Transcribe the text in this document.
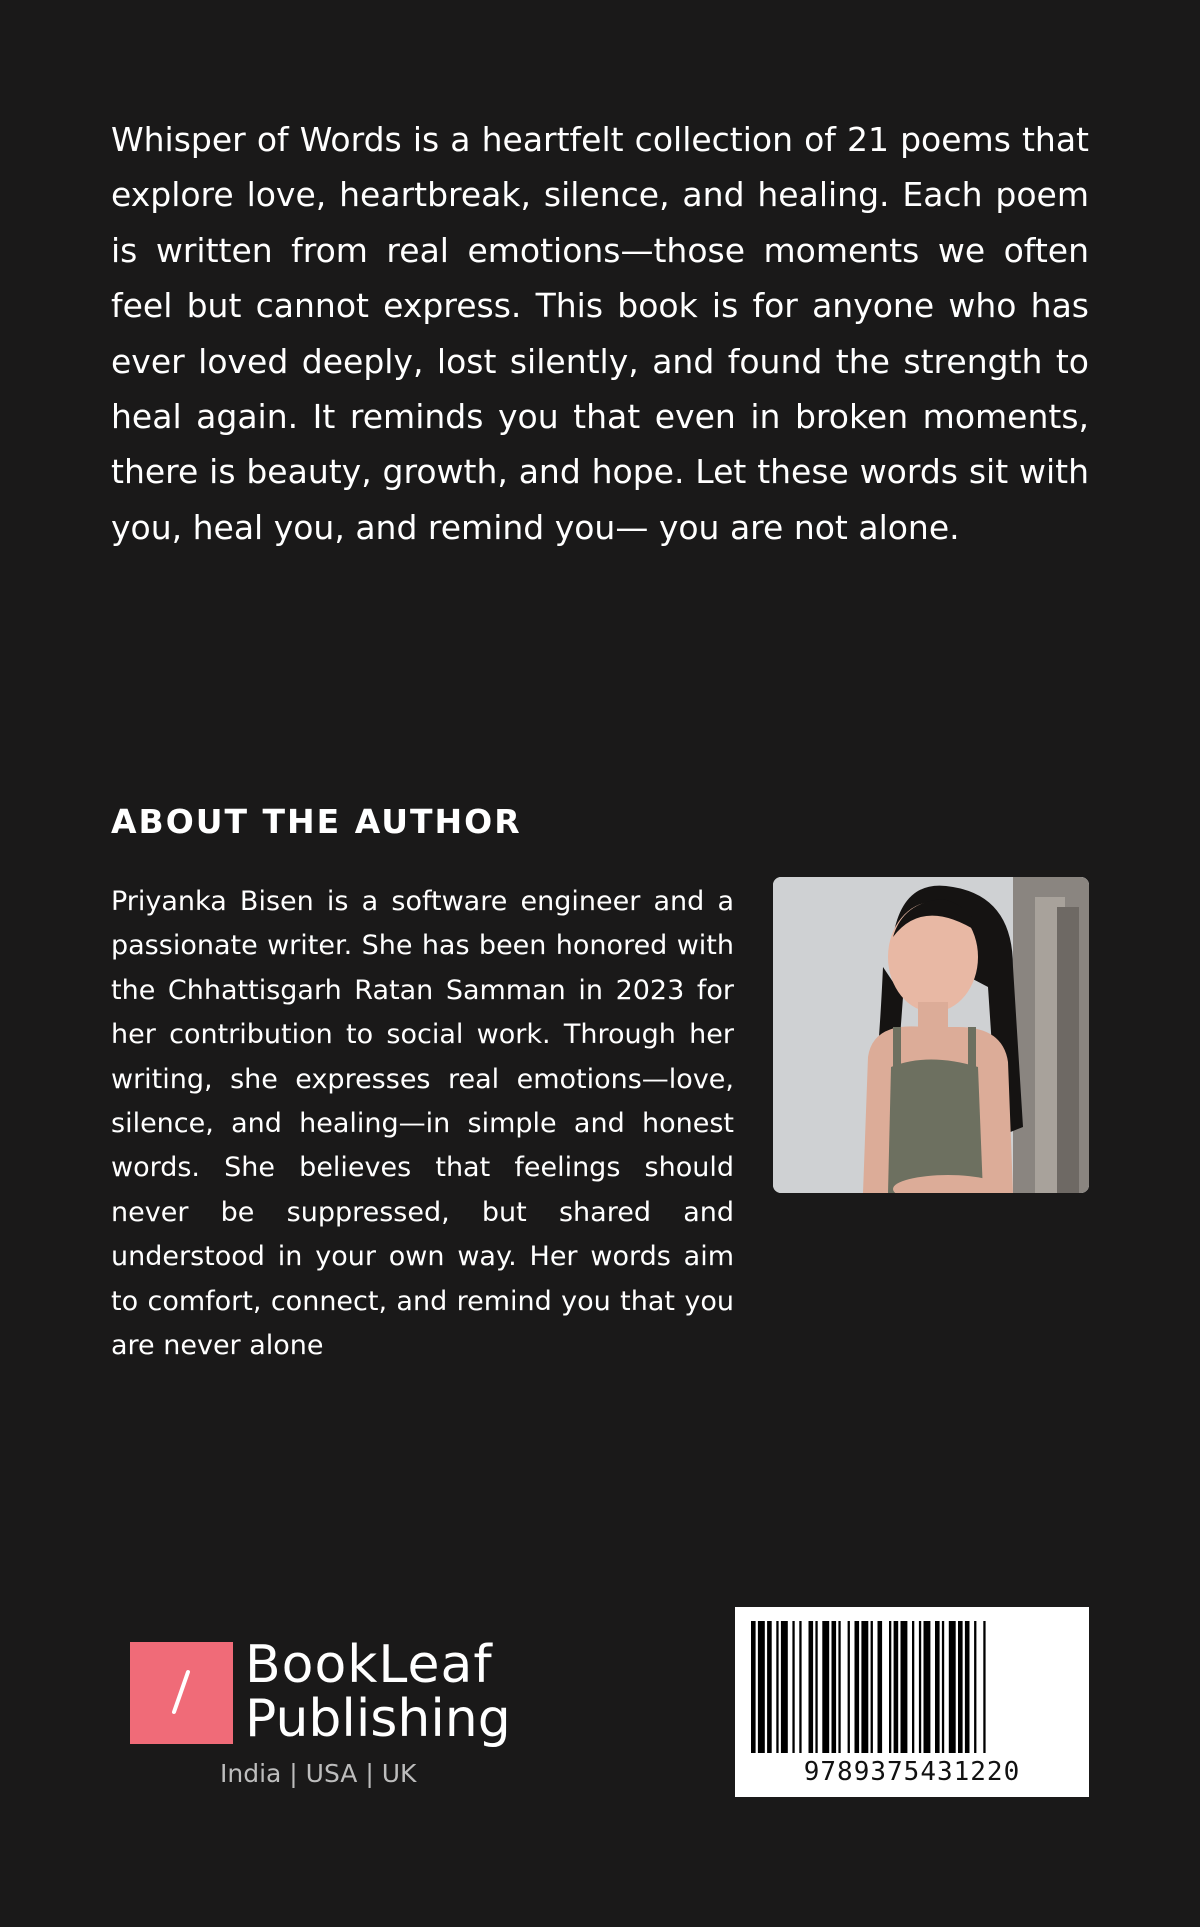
Whisper of Words is a heartfelt collection of 21 poems that explore love, heartbreak, silence, and healing. Each poem is written from real emotions—those moments we often feel but cannot express. This book is for anyone who has ever loved deeply, lost silently, and found the strength to heal again. It reminds you that even in broken moments, there is beauty, growth, and hope. Let these words sit with you, heal you, and remind you— you are not alone.

ABOUT THE AUTHOR

Priyanka Bisen is a software engineer and a passionate writer. She has been honored with the Chhattisgarh Ratan Samman in 2023 for her contribution to social work. Through her writing, she expresses real emotions—love, silence, and healing—in simple and honest words. She believes that feelings should never be suppressed, but shared and understood in your own way. Her words aim to comfort, connect, and remind you that you are never alone

BookLeaf
Publishing
India | USA | UK	9789375431220
